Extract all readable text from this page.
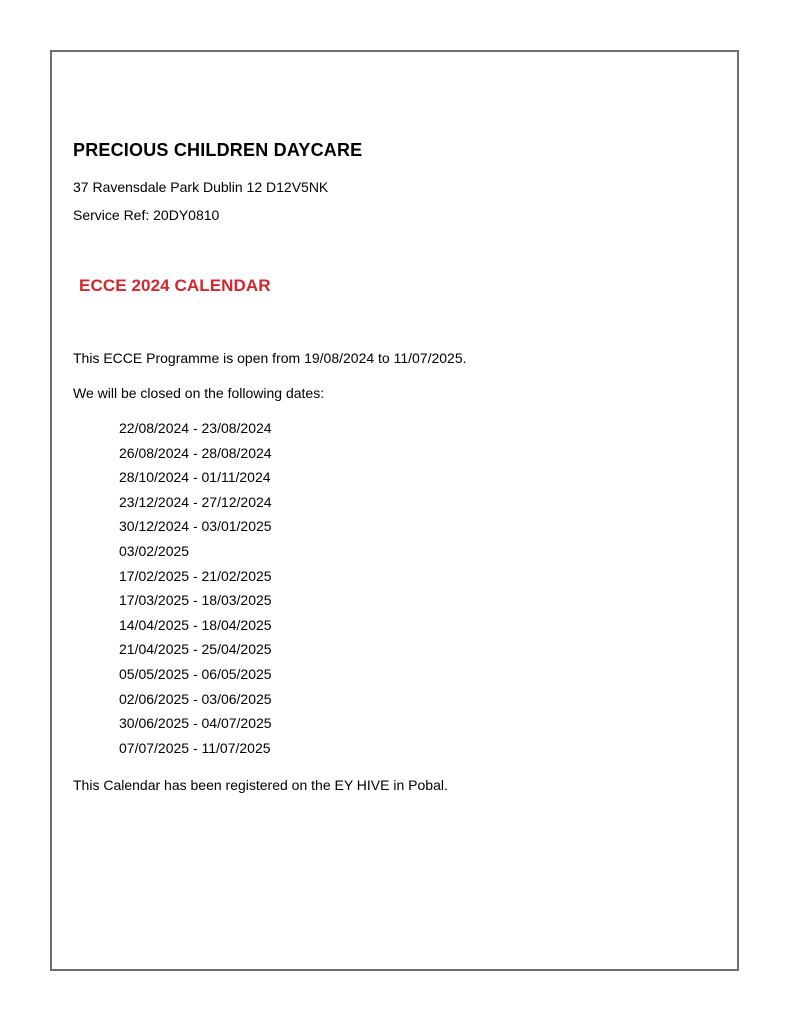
PRECIOUS CHILDREN DAYCARE

37 Ravensdale Park Dublin 12 D12V5NK

Service Ref: 20DY0810

ECCE 2024 CALENDAR

This ECCE Programme is open from 19/08/2024 to 11/07/2025.

We will be closed on the following dates:

22/08/2024 - 23/08/2024
26/08/2024 - 28/08/2024
28/10/2024 - 01/11/2024
23/12/2024 - 27/12/2024
30/12/2024 - 03/01/2025
03/02/2025
17/02/2025 - 21/02/2025
17/03/2025 - 18/03/2025
14/04/2025 - 18/04/2025
21/04/2025 - 25/04/2025
05/05/2025 - 06/05/2025
02/06/2025 - 03/06/2025
30/06/2025 - 04/07/2025
07/07/2025 - 11/07/2025

This Calendar has been registered on the EY HIVE in Pobal.
